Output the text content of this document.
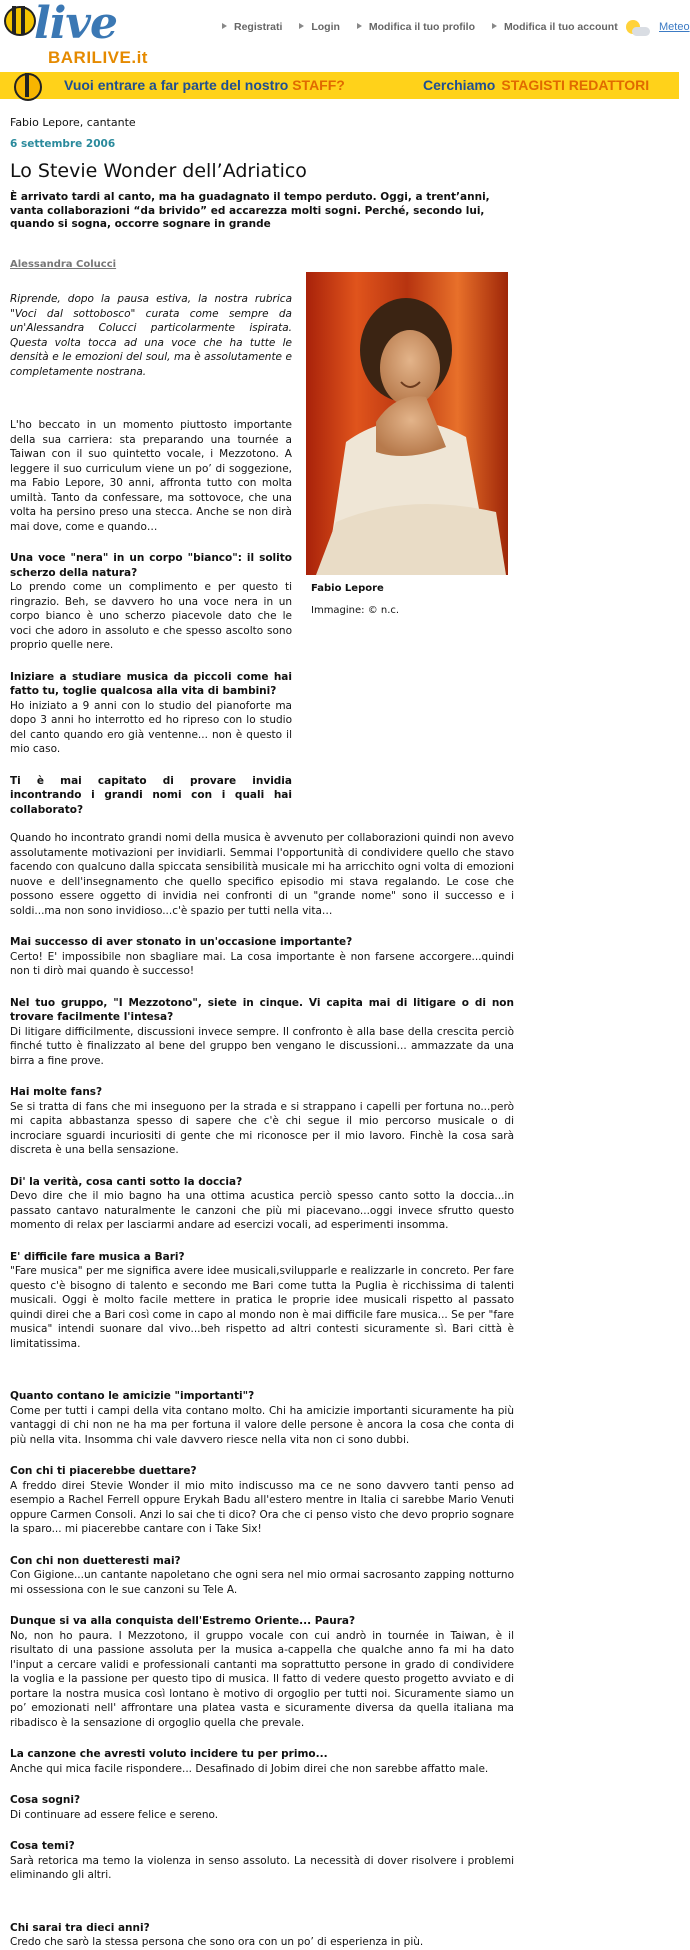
live
BARILIVE.it
Registrati	Login	Modifica il tuo profilo	Modifica il tuo account	Meteo
Vuoi entrare a far parte del nostro STAFF?	Cerchiamo STAGISTI REDATTORI
Fabio Lepore, cantante
6 settembre 2006
Lo Stevie Wonder dell’Adriatico

È arrivato tardi al canto, ma ha guadagnato il tempo perduto. Oggi, a trent’anni, vanta collaborazioni “da brivido” ed accarezza molti sogni. Perché, secondo lui, quando si sogna, occorre sognare in grande

Alessandra Colucci

Riprende, dopo la pausa estiva, la nostra rubrica "Voci dal sottobosco" curata come sempre da un'Alessandra Colucci particolarmente ispirata. Questa volta tocca ad una voce che ha tutte le densità e le emozioni del soul, ma è assolutamente e completamente nostrana.

Fabio Lepore
Immagine: © n.c.

L'ho beccato in un momento piuttosto importante della sua carriera: sta preparando una tournée a Taiwan con il suo quintetto vocale, i Mezzotono. A leggere il suo curriculum viene un po’ di soggezione, ma Fabio Lepore, 30 anni, affronta tutto con molta umiltà. Tanto da confessare, ma sottovoce, che una volta ha persino preso una stecca. Anche se non dirà mai dove, come e quando…

Una voce "nera" in un corpo "bianco": il solito scherzo della natura?

Lo prendo come un complimento e per questo ti ringrazio. Beh, se davvero ho una voce nera in un corpo bianco è uno scherzo piacevole dato che le voci che adoro in assoluto e che spesso ascolto sono proprio quelle nere.

Iniziare a studiare musica da piccoli come hai fatto tu, toglie qualcosa alla vita di bambini?

Ho iniziato a 9 anni con lo studio del pianoforte ma dopo 3 anni ho interrotto ed ho ripreso con lo studio del canto quando ero già ventenne... non è questo il mio caso.

Ti è mai capitato di provare invidia incontrando i grandi nomi con i quali hai collaborato?

Quando ho incontrato grandi nomi della musica è avvenuto per collaborazioni quindi non avevo assolutamente motivazioni per invidiarli. Semmai l'opportunità di condividere quello che stavo facendo con qualcuno dalla spiccata sensibilità musicale mi ha arricchito ogni volta di emozioni nuove e dell'insegnamento che quello specifico episodio mi stava regalando. Le cose che possono essere oggetto di invidia nei confronti di un "grande nome" sono il successo e i soldi...ma non sono invidioso...c'è spazio per tutti nella vita…

Mai successo di aver stonato in un'occasione importante?

Certo! E' impossibile non sbagliare mai. La cosa importante è non farsene accorgere...quindi non ti dirò mai quando è successo!

Nel tuo gruppo, "I Mezzotono", siete in cinque. Vi capita mai di litigare o di non trovare facilmente l'intesa?

Di litigare difficilmente, discussioni invece sempre. Il confronto è alla base della crescita perciò finché tutto è finalizzato al bene del gruppo ben vengano le discussioni... ammazzate da una birra a fine prove.

Hai molte fans?

Se si tratta di fans che mi inseguono per la strada e si strappano i capelli per fortuna no...però mi capita abbastanza spesso di sapere che c'è chi segue il mio percorso musicale o di incrociare sguardi incuriositi di gente che mi riconosce per il mio lavoro. Finchè la cosa sarà discreta è una bella sensazione.

Di' la verità, cosa canti sotto la doccia?

Devo dire che il mio bagno ha una ottima acustica perciò spesso canto sotto la doccia...in passato cantavo naturalmente le canzoni che più mi piacevano...oggi invece sfrutto questo momento di relax per lasciarmi andare ad esercizi vocali, ad esperimenti insomma.

E' difficile fare musica a Bari?

"Fare musica" per me significa avere idee musicali,svilupparle e realizzarle in concreto. Per fare questo c'è bisogno di talento e secondo me Bari come tutta la Puglia è ricchissima di talenti musicali. Oggi è molto facile mettere in pratica le proprie idee musicali rispetto al passato quindi direi che a Bari così come in capo al mondo non è mai difficile fare musica... Se per "fare musica" intendi suonare dal vivo...beh rispetto ad altri contesti sicuramente sì. Bari città è limitatissima.

Quanto contano le amicizie "importanti"?

Come per tutti i campi della vita contano molto. Chi ha amicizie importanti sicuramente ha più vantaggi di chi non ne ha ma per fortuna il valore delle persone è ancora la cosa che conta di più nella vita. Insomma chi vale davvero riesce nella vita non ci sono dubbi.

Con chi ti piacerebbe duettare?

A freddo direi Stevie Wonder il mio mito indiscusso ma ce ne sono davvero tanti penso ad esempio a Rachel Ferrell oppure Erykah Badu all'estero mentre in Italia ci sarebbe Mario Venuti oppure Carmen Consoli. Anzi lo sai che ti dico? Ora che ci penso visto che devo proprio sognare la sparo... mi piacerebbe cantare con i Take Six!

Con chi non duetteresti mai?

Con Gigione...un cantante napoletano che ogni sera nel mio ormai sacrosanto zapping notturno mi ossessiona con le sue canzoni su Tele A.

Dunque si va alla conquista dell'Estremo Oriente... Paura?

No, non ho paura. I Mezzotono, il gruppo vocale con cui andrò in tournée in Taiwan, è il risultato di una passione assoluta per la musica a-cappella che qualche anno fa mi ha dato l'input a cercare validi e professionali cantanti ma soprattutto persone in grado di condividere la voglia e la passione per questo tipo di musica. Il fatto di vedere questo progetto avviato e di portare la nostra musica così lontano è motivo di orgoglio per tutti noi. Sicuramente siamo un po’ emozionati nell' affrontare una platea vasta e sicuramente diversa da quella italiana ma ribadisco è la sensazione di orgoglio quella che prevale.

La canzone che avresti voluto incidere tu per primo...

Anche qui mica facile rispondere... Desafinado di Jobim direi che non sarebbe affatto male.

Cosa sogni?

Di continuare ad essere felice e sereno.

Cosa temi?

Sarà retorica ma temo la violenza in senso assoluto. La necessità di dover risolvere i problemi eliminando gli altri.

Chi sarai tra dieci anni?

Credo che sarò la stessa persona che sono ora con un po’ di esperienza in più.
